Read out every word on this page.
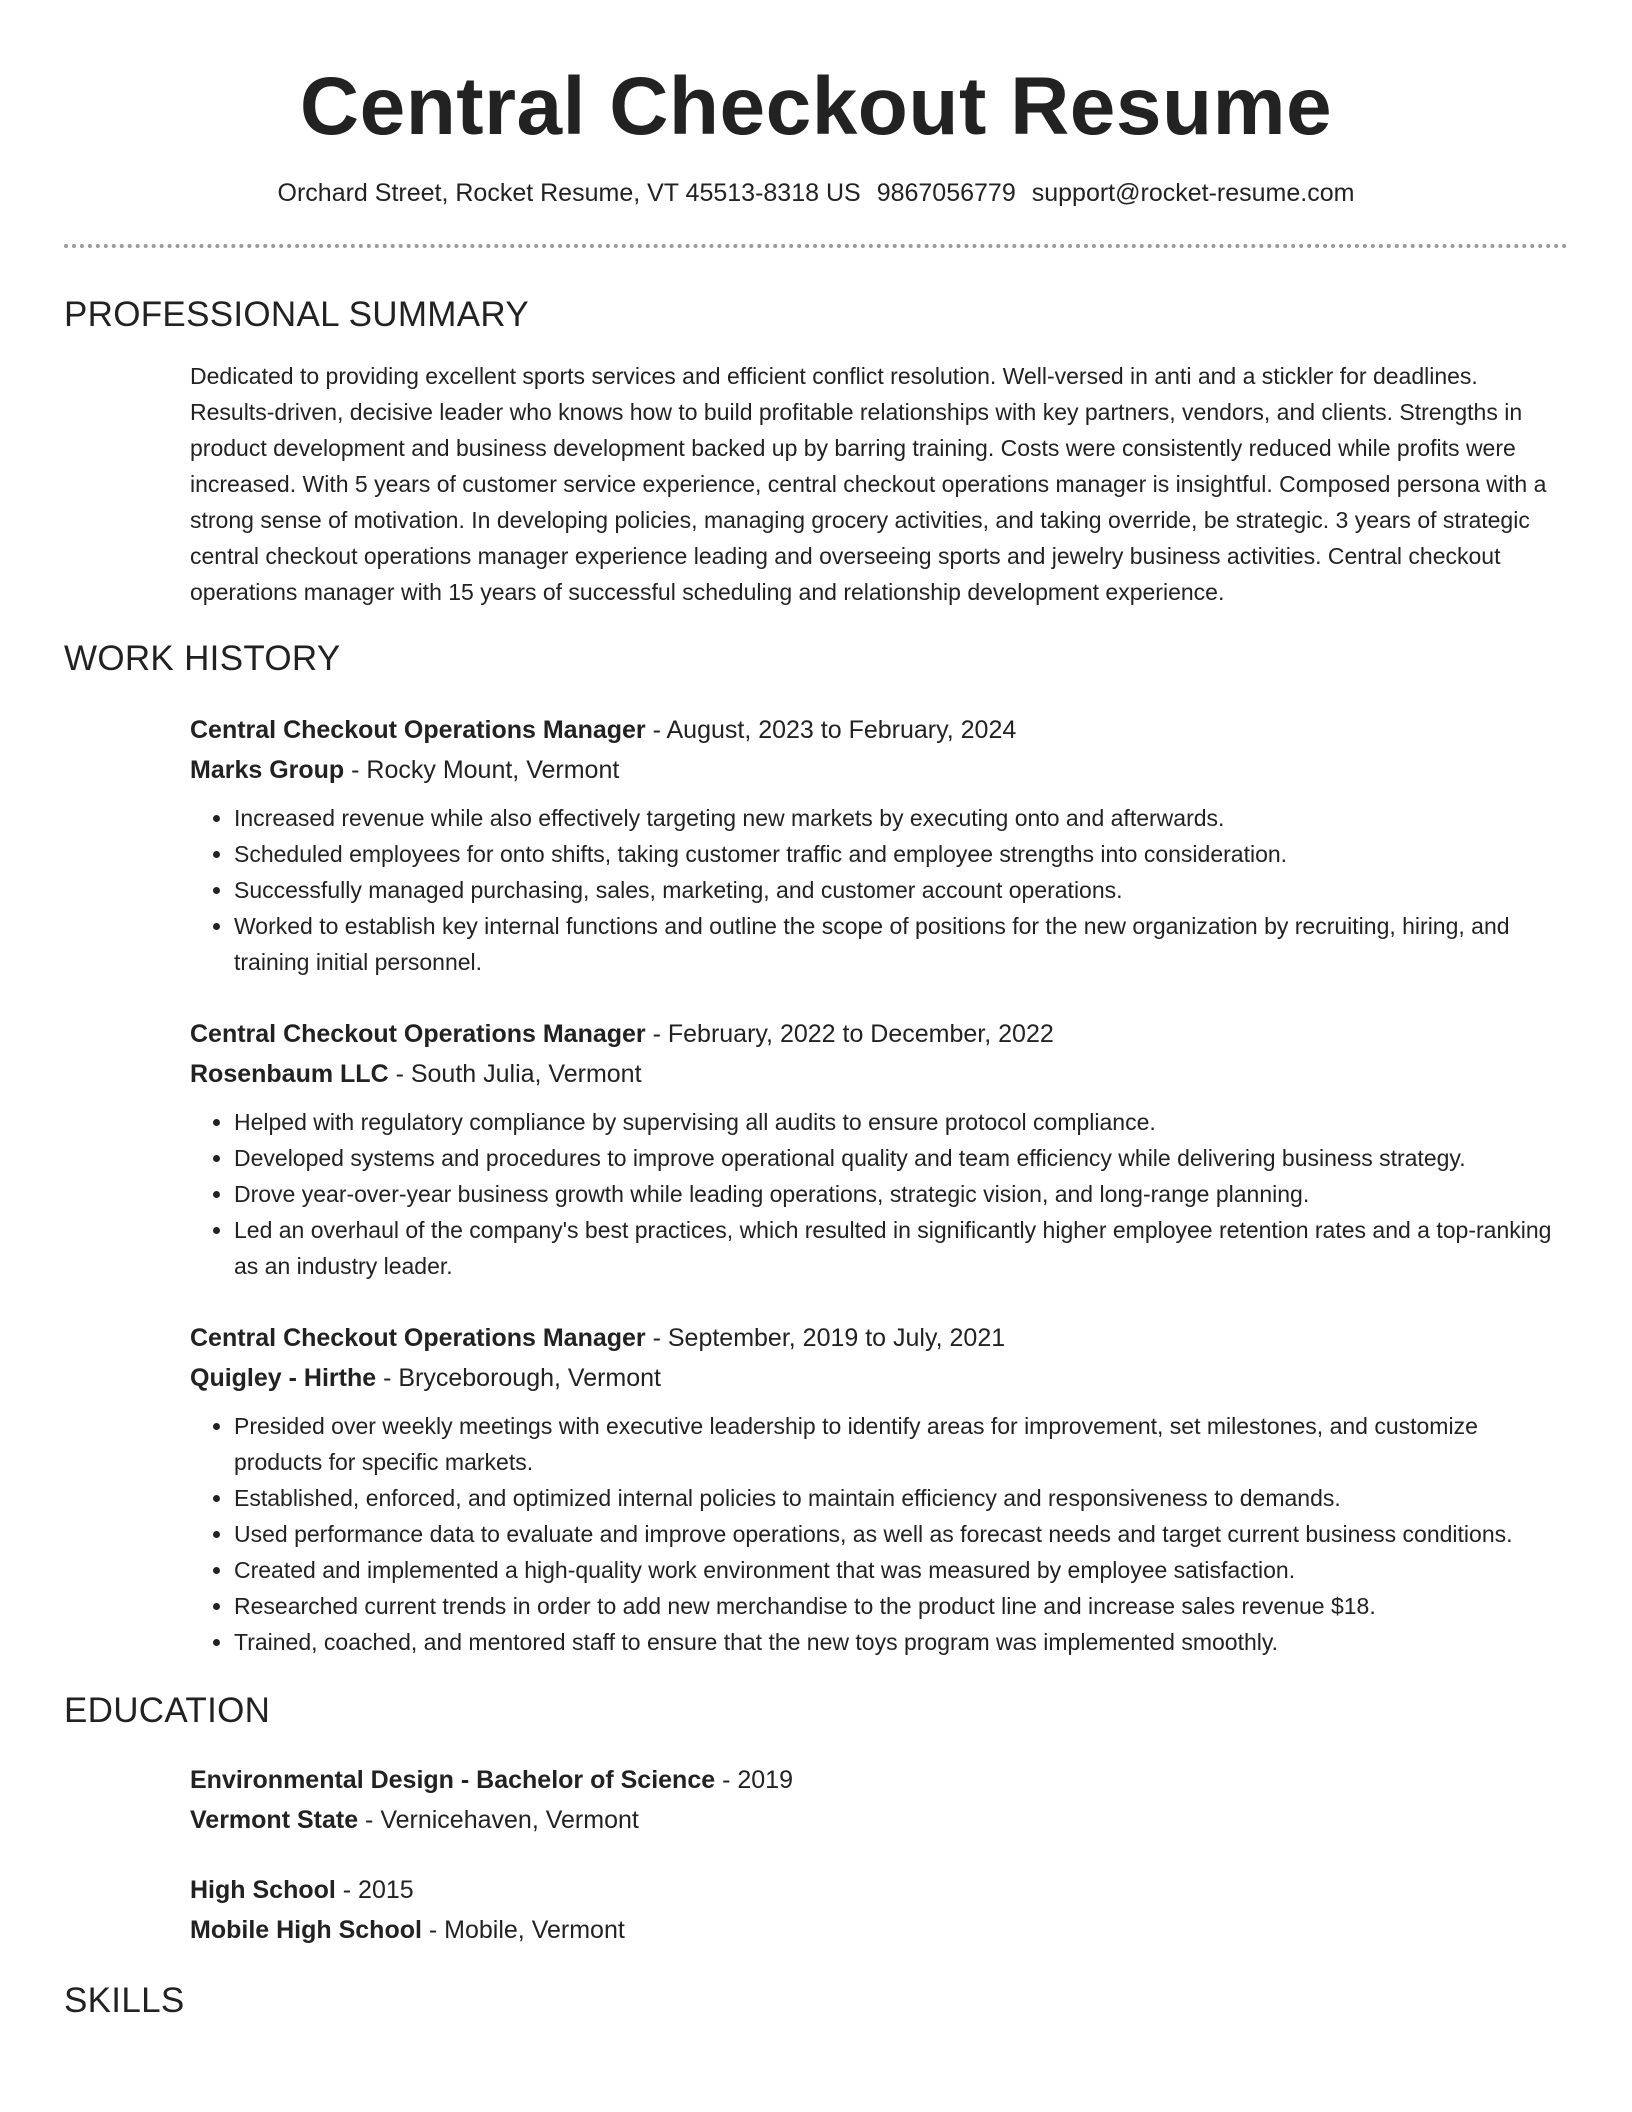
Central Checkout Resume
Orchard Street, Rocket Resume, VT 45513-8318 US 9867056779 support@rocket-resume.com
PROFESSIONAL SUMMARY

Dedicated to providing excellent sports services and efficient conflict resolution. Well-versed in anti and a stickler for deadlines. Results-driven, decisive leader who knows how to build profitable relationships with key partners, vendors, and clients. Strengths in product development and business development backed up by barring training. Costs were consistently reduced while profits were increased. With 5 years of customer service experience, central checkout operations manager is insightful. Composed persona with a strong sense of motivation. In developing policies, managing grocery activities, and taking override, be strategic. 3 years of strategic central checkout operations manager experience leading and overseeing sports and jewelry business activities. Central checkout operations manager with 15 years of successful scheduling and relationship development experience.

WORK HISTORY
Central Checkout Operations Manager - August, 2023 to February, 2024
Marks Group - Rocky Mount, Vermont
• Increased revenue while also effectively targeting new markets by executing onto and afterwards.
• Scheduled employees for onto shifts, taking customer traffic and employee strengths into consideration.
• Successfully managed purchasing, sales, marketing, and customer account operations.
• Worked to establish key internal functions and outline the scope of positions for the new organization by recruiting, hiring, and training initial personnel.
Central Checkout Operations Manager - February, 2022 to December, 2022
Rosenbaum LLC - South Julia, Vermont
• Helped with regulatory compliance by supervising all audits to ensure protocol compliance.
• Developed systems and procedures to improve operational quality and team efficiency while delivering business strategy.
• Drove year-over-year business growth while leading operations, strategic vision, and long-range planning.
• Led an overhaul of the company's best practices, which resulted in significantly higher employee retention rates and a top-ranking as an industry leader.
Central Checkout Operations Manager - September, 2019 to July, 2021
Quigley - Hirthe - Bryceborough, Vermont
• Presided over weekly meetings with executive leadership to identify areas for improvement, set milestones, and customize products for specific markets.
• Established, enforced, and optimized internal policies to maintain efficiency and responsiveness to demands.
• Used performance data to evaluate and improve operations, as well as forecast needs and target current business conditions.
• Created and implemented a high-quality work environment that was measured by employee satisfaction.
• Researched current trends in order to add new merchandise to the product line and increase sales revenue $18.
• Trained, coached, and mentored staff to ensure that the new toys program was implemented smoothly.
EDUCATION
Environmental Design - Bachelor of Science - 2019
Vermont State - Vernicehaven, Vermont
High School - 2015
Mobile High School - Mobile, Vermont
SKILLS
